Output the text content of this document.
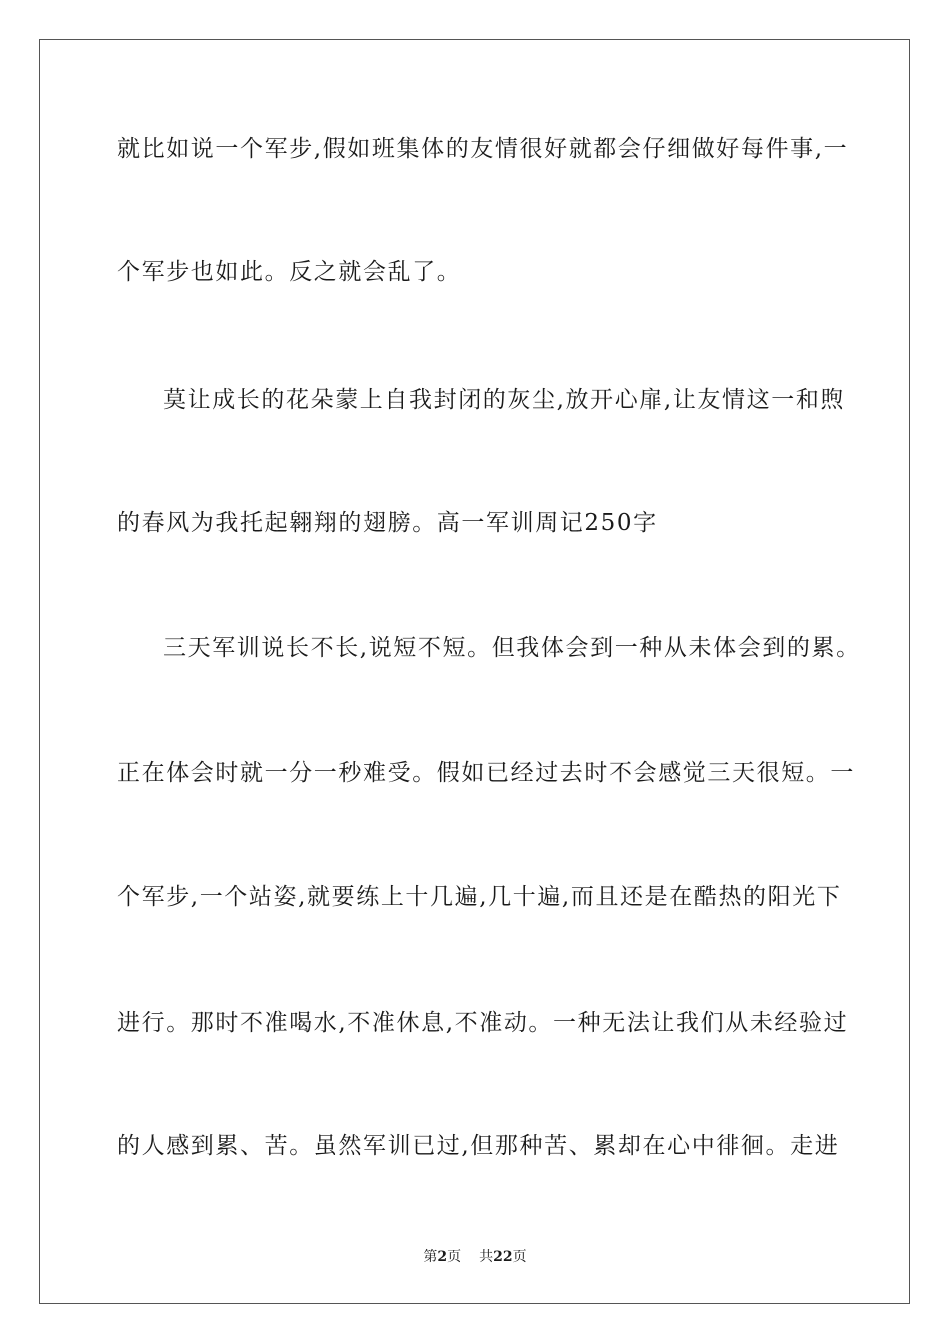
就比如说一个军步,假如班集体的友情很好就都会仔细做好每件事,一
个军步也如此。反之就会乱了。
莫让成长的花朵蒙上自我封闭的灰尘,放开心扉,让友情这一和煦
的春风为我托起翱翔的翅膀。高一军训周记250字
三天军训说长不长,说短不短。但我体会到一种从未体会到的累。
正在体会时就一分一秒难受。假如已经过去时不会感觉三天很短。一
个军步,一个站姿,就要练上十几遍,几十遍,而且还是在酷热的阳光下
进行。那时不准喝水,不准休息,不准动。一种无法让我们从未经验过
的人感到累、苦。虽然军训已过,但那种苦、累却在心中徘徊。走进
第2页 共22页
